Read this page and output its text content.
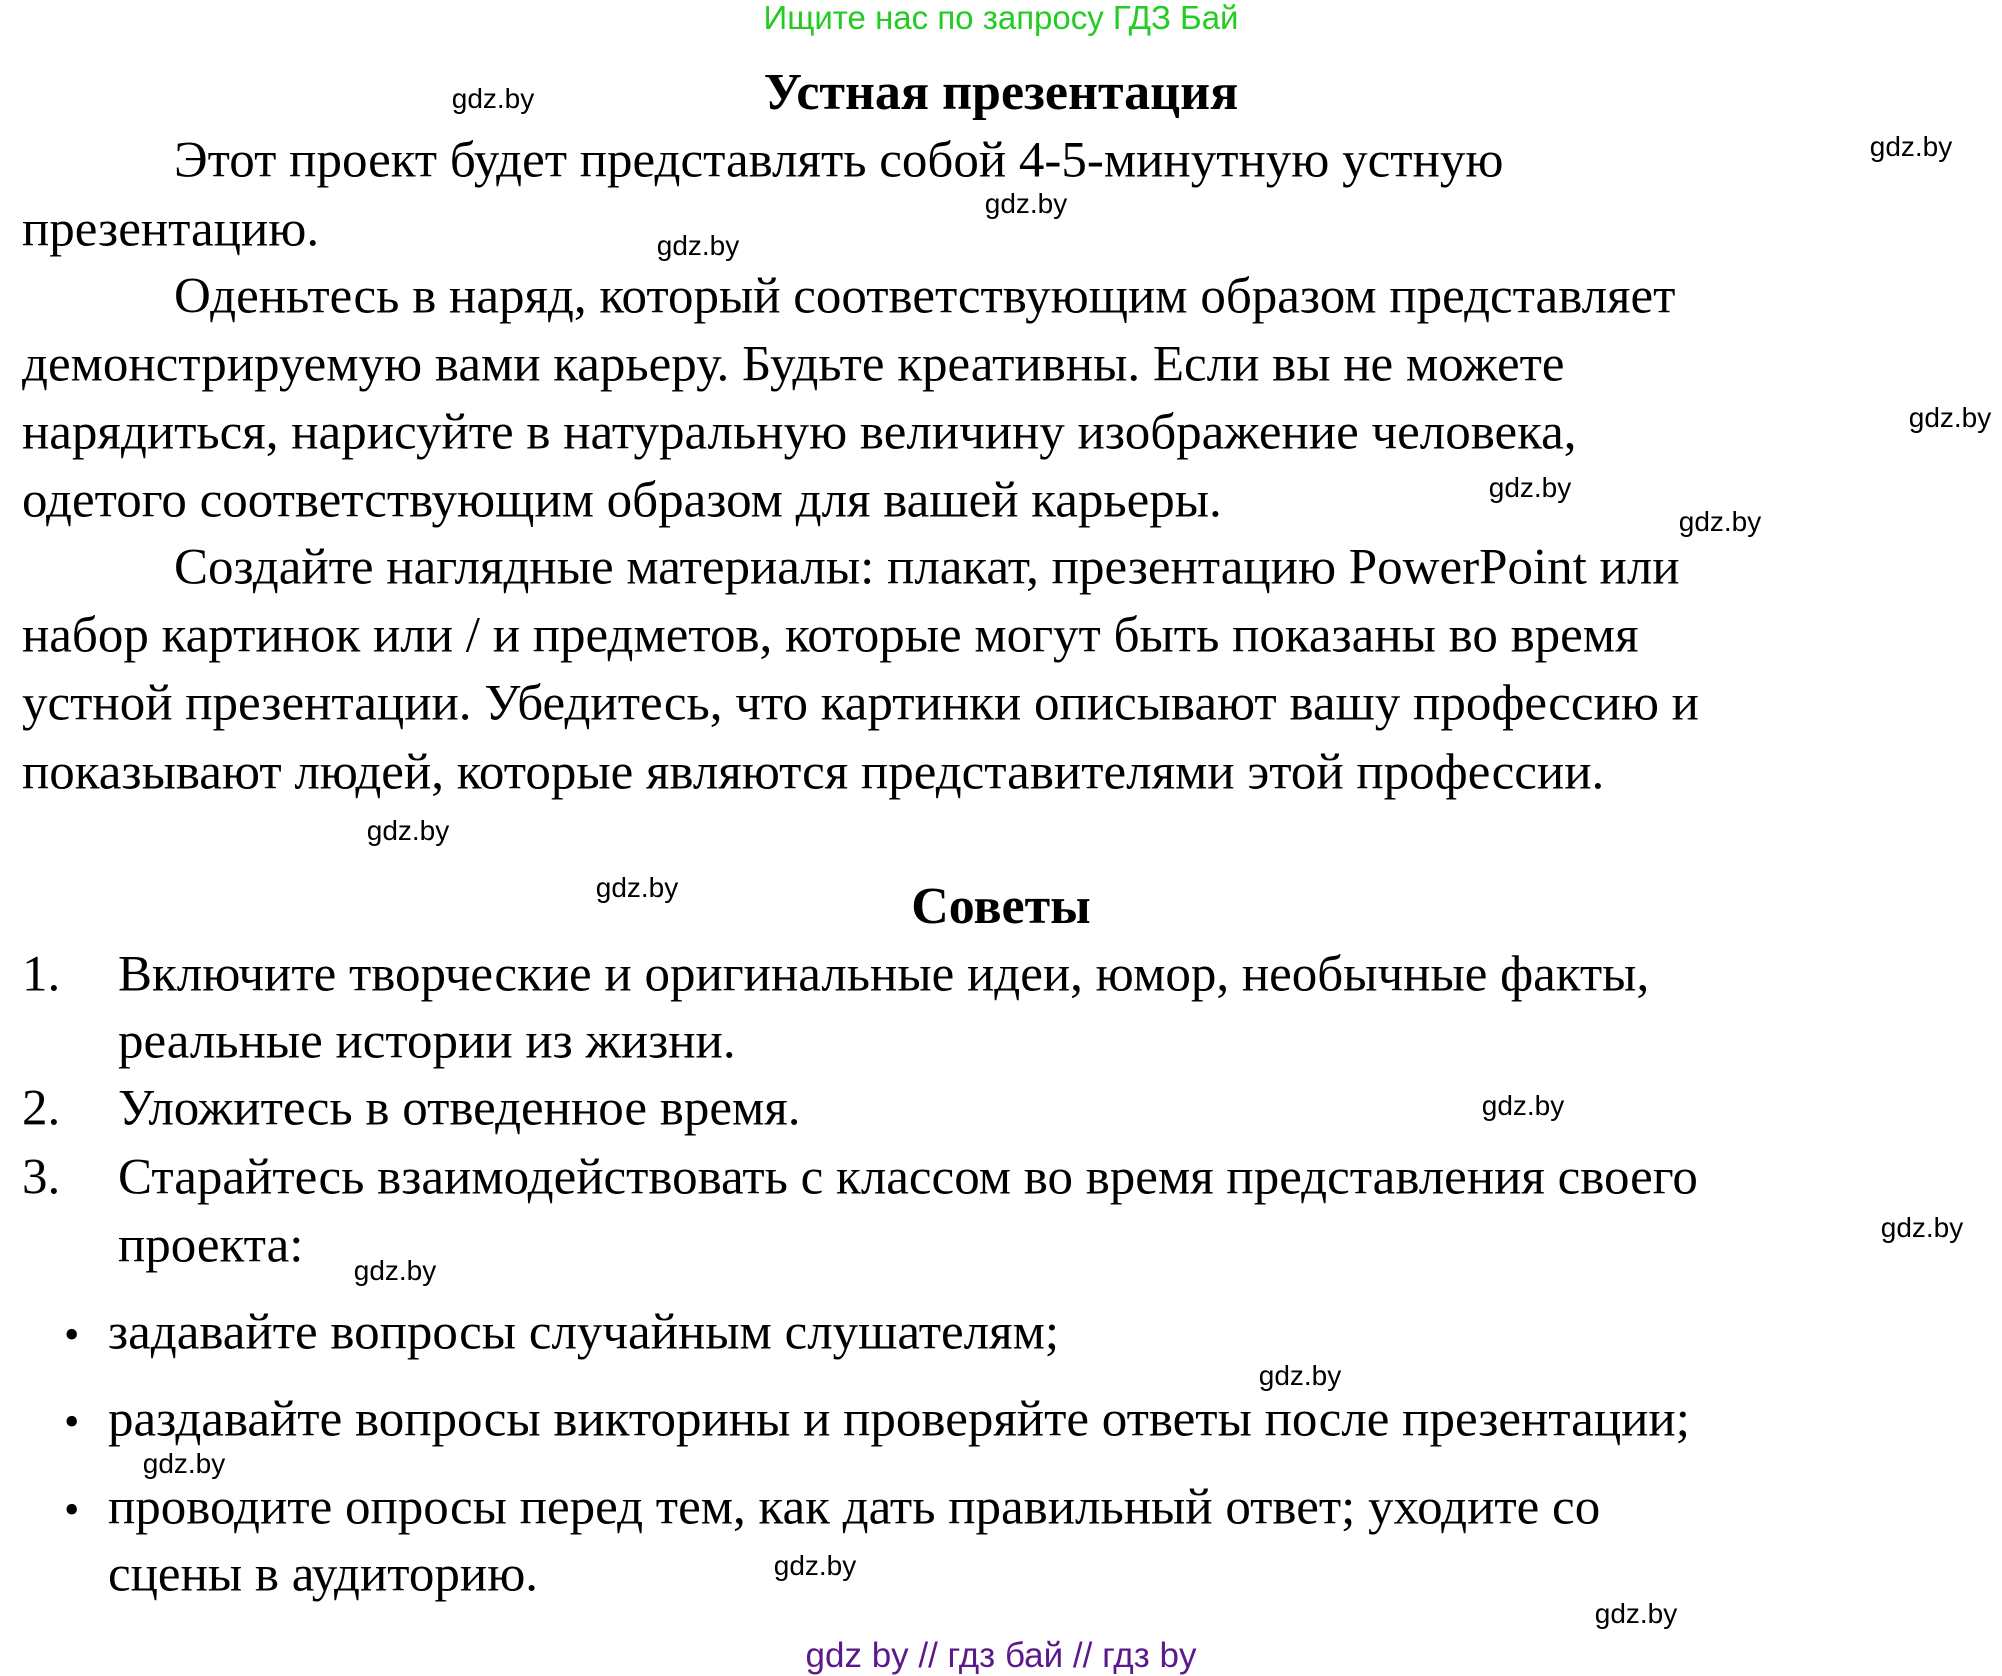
Ищите нас по запросу ГДЗ Бай
Устная презентация
Этот проект будет представлять собой 4-5-минутную устную
презентацию.
Оденьтесь в наряд, который соответствующим образом представляет
демонстрируемую вами карьеру. Будьте креативны. Если вы не можете
нарядиться, нарисуйте в натуральную величину изображение человека,
одетого соответствующим образом для вашей карьеры.
Создайте наглядные материалы: плакат, презентацию PowerPoint или
набор картинок или / и предметов, которые могут быть показаны во время
устной презентации. Убедитесь, что картинки описывают вашу профессию и
показывают людей, которые являются представителями этой профессии.
Советы
1. Включите творческие и оригинальные идеи, юмор, необычные факты,
реальные истории из жизни.
2. Уложитесь в отведенное время.
3. Старайтесь взаимодействовать с классом во время представления своего
проекта:
• задавайте вопросы случайным слушателям;
• раздавайте вопросы викторины и проверяйте ответы после презентации;
• проводите опросы перед тем, как дать правильный ответ; уходите со
сцены в аудиторию.
gdz.by
gdz.by
gdz.by
gdz.by
gdz.by
gdz.by
gdz.by
gdz.by
gdz.by
gdz.by
gdz.by
gdz.by
gdz.by
gdz.by
gdz.by
gdz.by
gdz by // гдз бай // гдз by
